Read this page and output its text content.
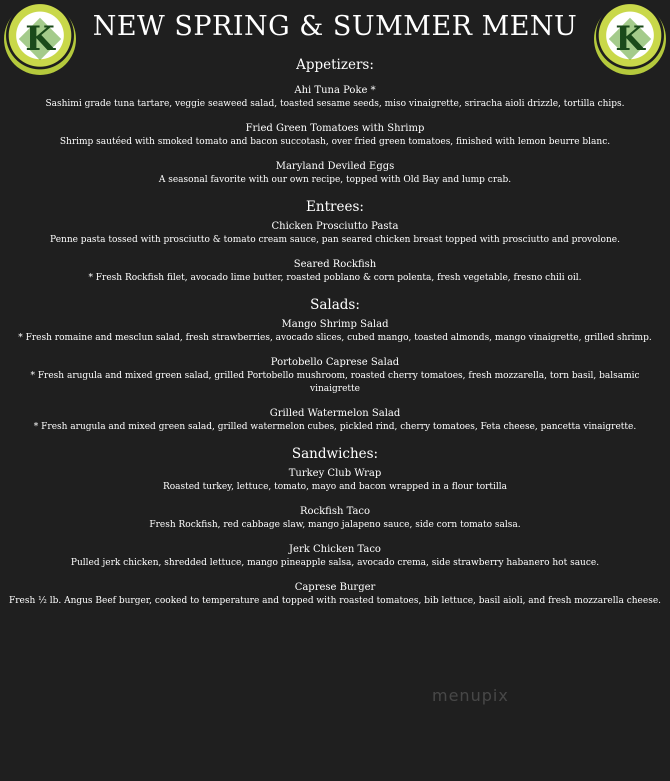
K	NEW SPRING & SUMMER MENU	K
Appetizers:
Ahi Tuna Poke *
Sashimi grade tuna tartare, veggie seaweed salad, toasted sesame seeds, miso vinaigrette, sriracha aioli drizzle, tortilla chips.
Fried Green Tomatoes with Shrimp
Shrimp sautéed with smoked tomato and bacon succotash, over fried green tomatoes, finished with lemon beurre blanc.
Maryland Deviled Eggs
A seasonal favorite with our own recipe, topped with Old Bay and lump crab.
Entrees:
Chicken Prosciutto Pasta
Penne pasta tossed with prosciutto & tomato cream sauce, pan seared chicken breast topped with prosciutto and provolone.
Seared Rockfish
* Fresh Rockfish filet, avocado lime butter, roasted poblano & corn polenta, fresh vegetable, fresno chili oil.
Salads:
Mango Shrimp Salad
* Fresh romaine and mesclun salad, fresh strawberries, avocado slices, cubed mango, toasted almonds, mango vinaigrette, grilled shrimp.
Portobello Caprese Salad
* Fresh arugula and mixed green salad, grilled Portobello mushroom, roasted cherry tomatoes, fresh mozzarella, torn basil, balsamic vinaigrette
Grilled Watermelon Salad
* Fresh arugula and mixed green salad, grilled watermelon cubes, pickled rind, cherry tomatoes, Feta cheese, pancetta vinaigrette.
Sandwiches:
Turkey Club Wrap
Roasted turkey, lettuce, tomato, mayo and bacon wrapped in a flour tortilla
Rockfish Taco
Fresh Rockfish, red cabbage slaw, mango jalapeno sauce, side corn tomato salsa.
Jerk Chicken Taco
Pulled jerk chicken, shredded lettuce, mango pineapple salsa, avocado crema, side strawberry habanero hot sauce.
Caprese Burger
Fresh ½ lb. Angus Beef burger, cooked to temperature and topped with roasted tomatoes, bib lettuce, basil aioli, and fresh mozzarella cheese.
menupix
